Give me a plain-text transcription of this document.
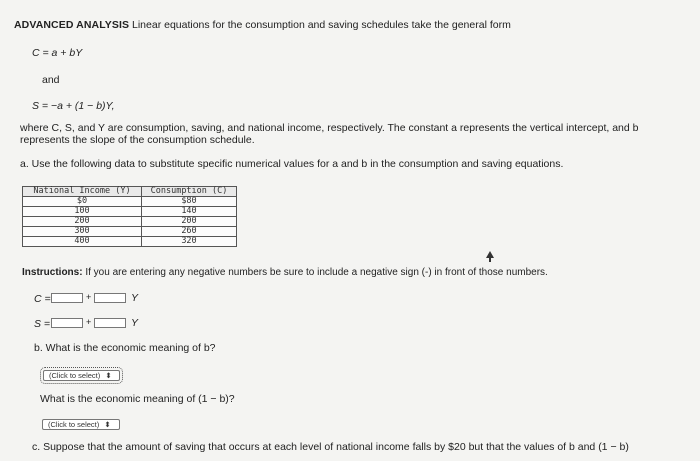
ADVANCED ANALYSIS Linear equations for the consumption and saving schedules take the general form
C = a + bY
and
S = −a + (1 − b)Y,
where C, S, and Y are consumption, saving, and national income, respectively. The constant a represents the vertical intercept, and b
represents the slope of the consumption schedule.
a. Use the following data to substitute specific numerical values for a and b in the consumption and saving equations.
National Income (Y)	Consumption (C)
$0	$80
100	140
200	200
300	260
400	320
Instructions: If you are entering any negative numbers be sure to include a negative sign (-) in front of those numbers.
C =	+	Y
S =	+	Y
b. What is the economic meaning of b?
(Click to select) ⬍
What is the economic meaning of (1 − b)?
(Click to select) ⬍
c. Suppose that the amount of saving that occurs at each level of national income falls by $20 but that the values of b and (1 − b)
